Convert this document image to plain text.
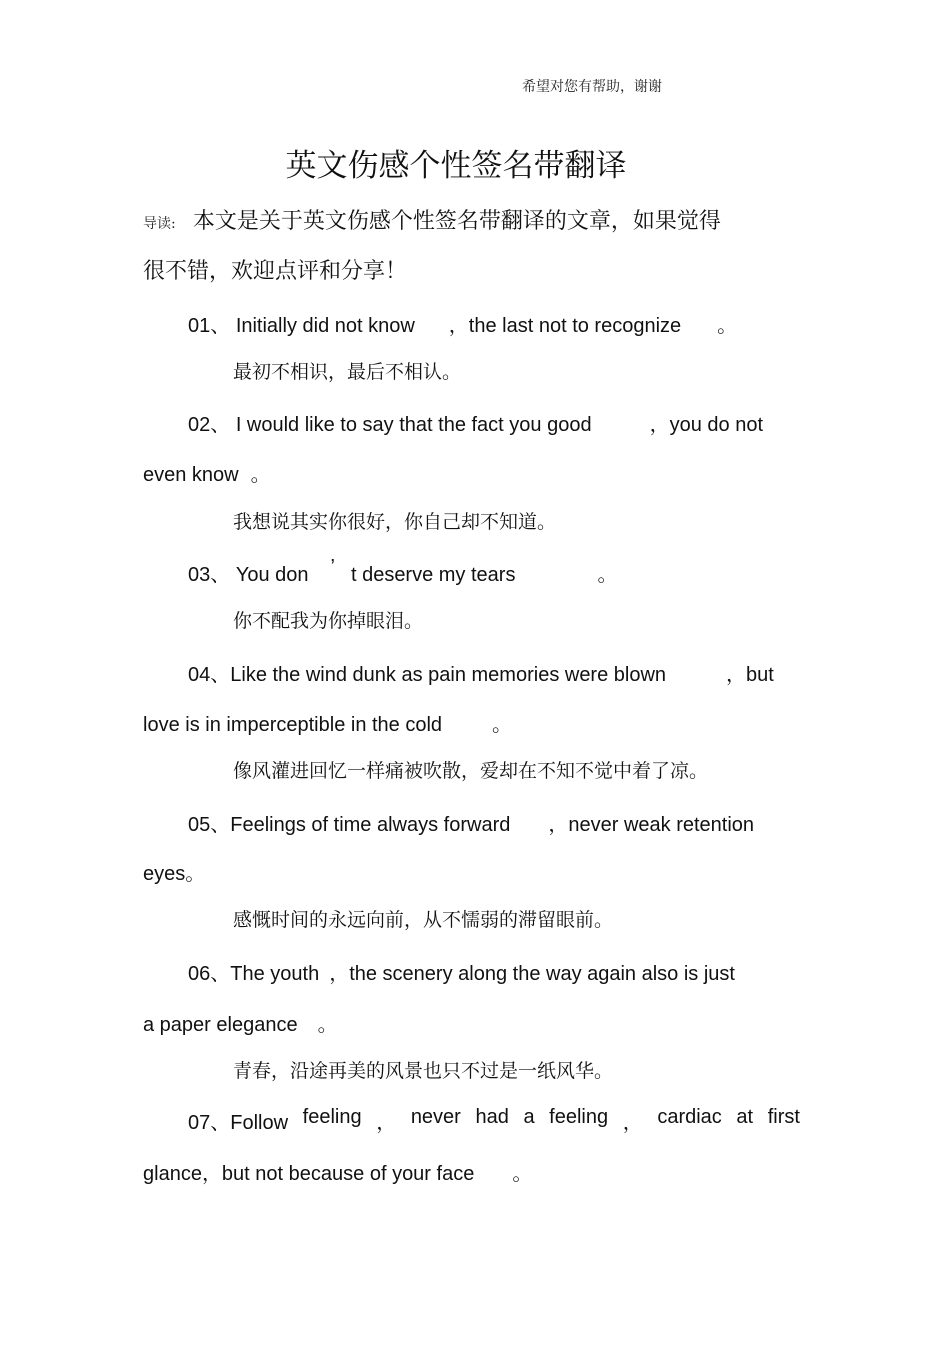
希望对您有帮助，谢谢
英文伤感个性签名带翻译
导读: 本文是关于英文伤感个性签名带翻译的文章，如果觉得
很不错，欢迎点评和分享！
01、 Initially did not know ，the last not to recognize 。
最初不相识，最后不相认。
02、 I would like to say that the fact you good	，you do not
even know 。
我想说其实你很好，你自己却不知道。
03、 You don ’ t deserve my tears	。
你不配我为你掉眼泪。
04、Like the wind dunk as pain memories were blown	，but
love is in imperceptible in the cold	。
像风灌进回忆一样痛被吹散，爱却在不知不觉中着了凉。
05、Feelings of time always forward ，never weak retention
eyes。
感慨时间的永远向前，从不懦弱的滞留眼前。
06、The youth ，the scenery along the way again also is just
a paper elegance 。
青春，沿途再美的风景也只不过是一纸风华。
07、Follow feeling ， never had a feeling ， cardiac at first
glance，but not because of your face 。
